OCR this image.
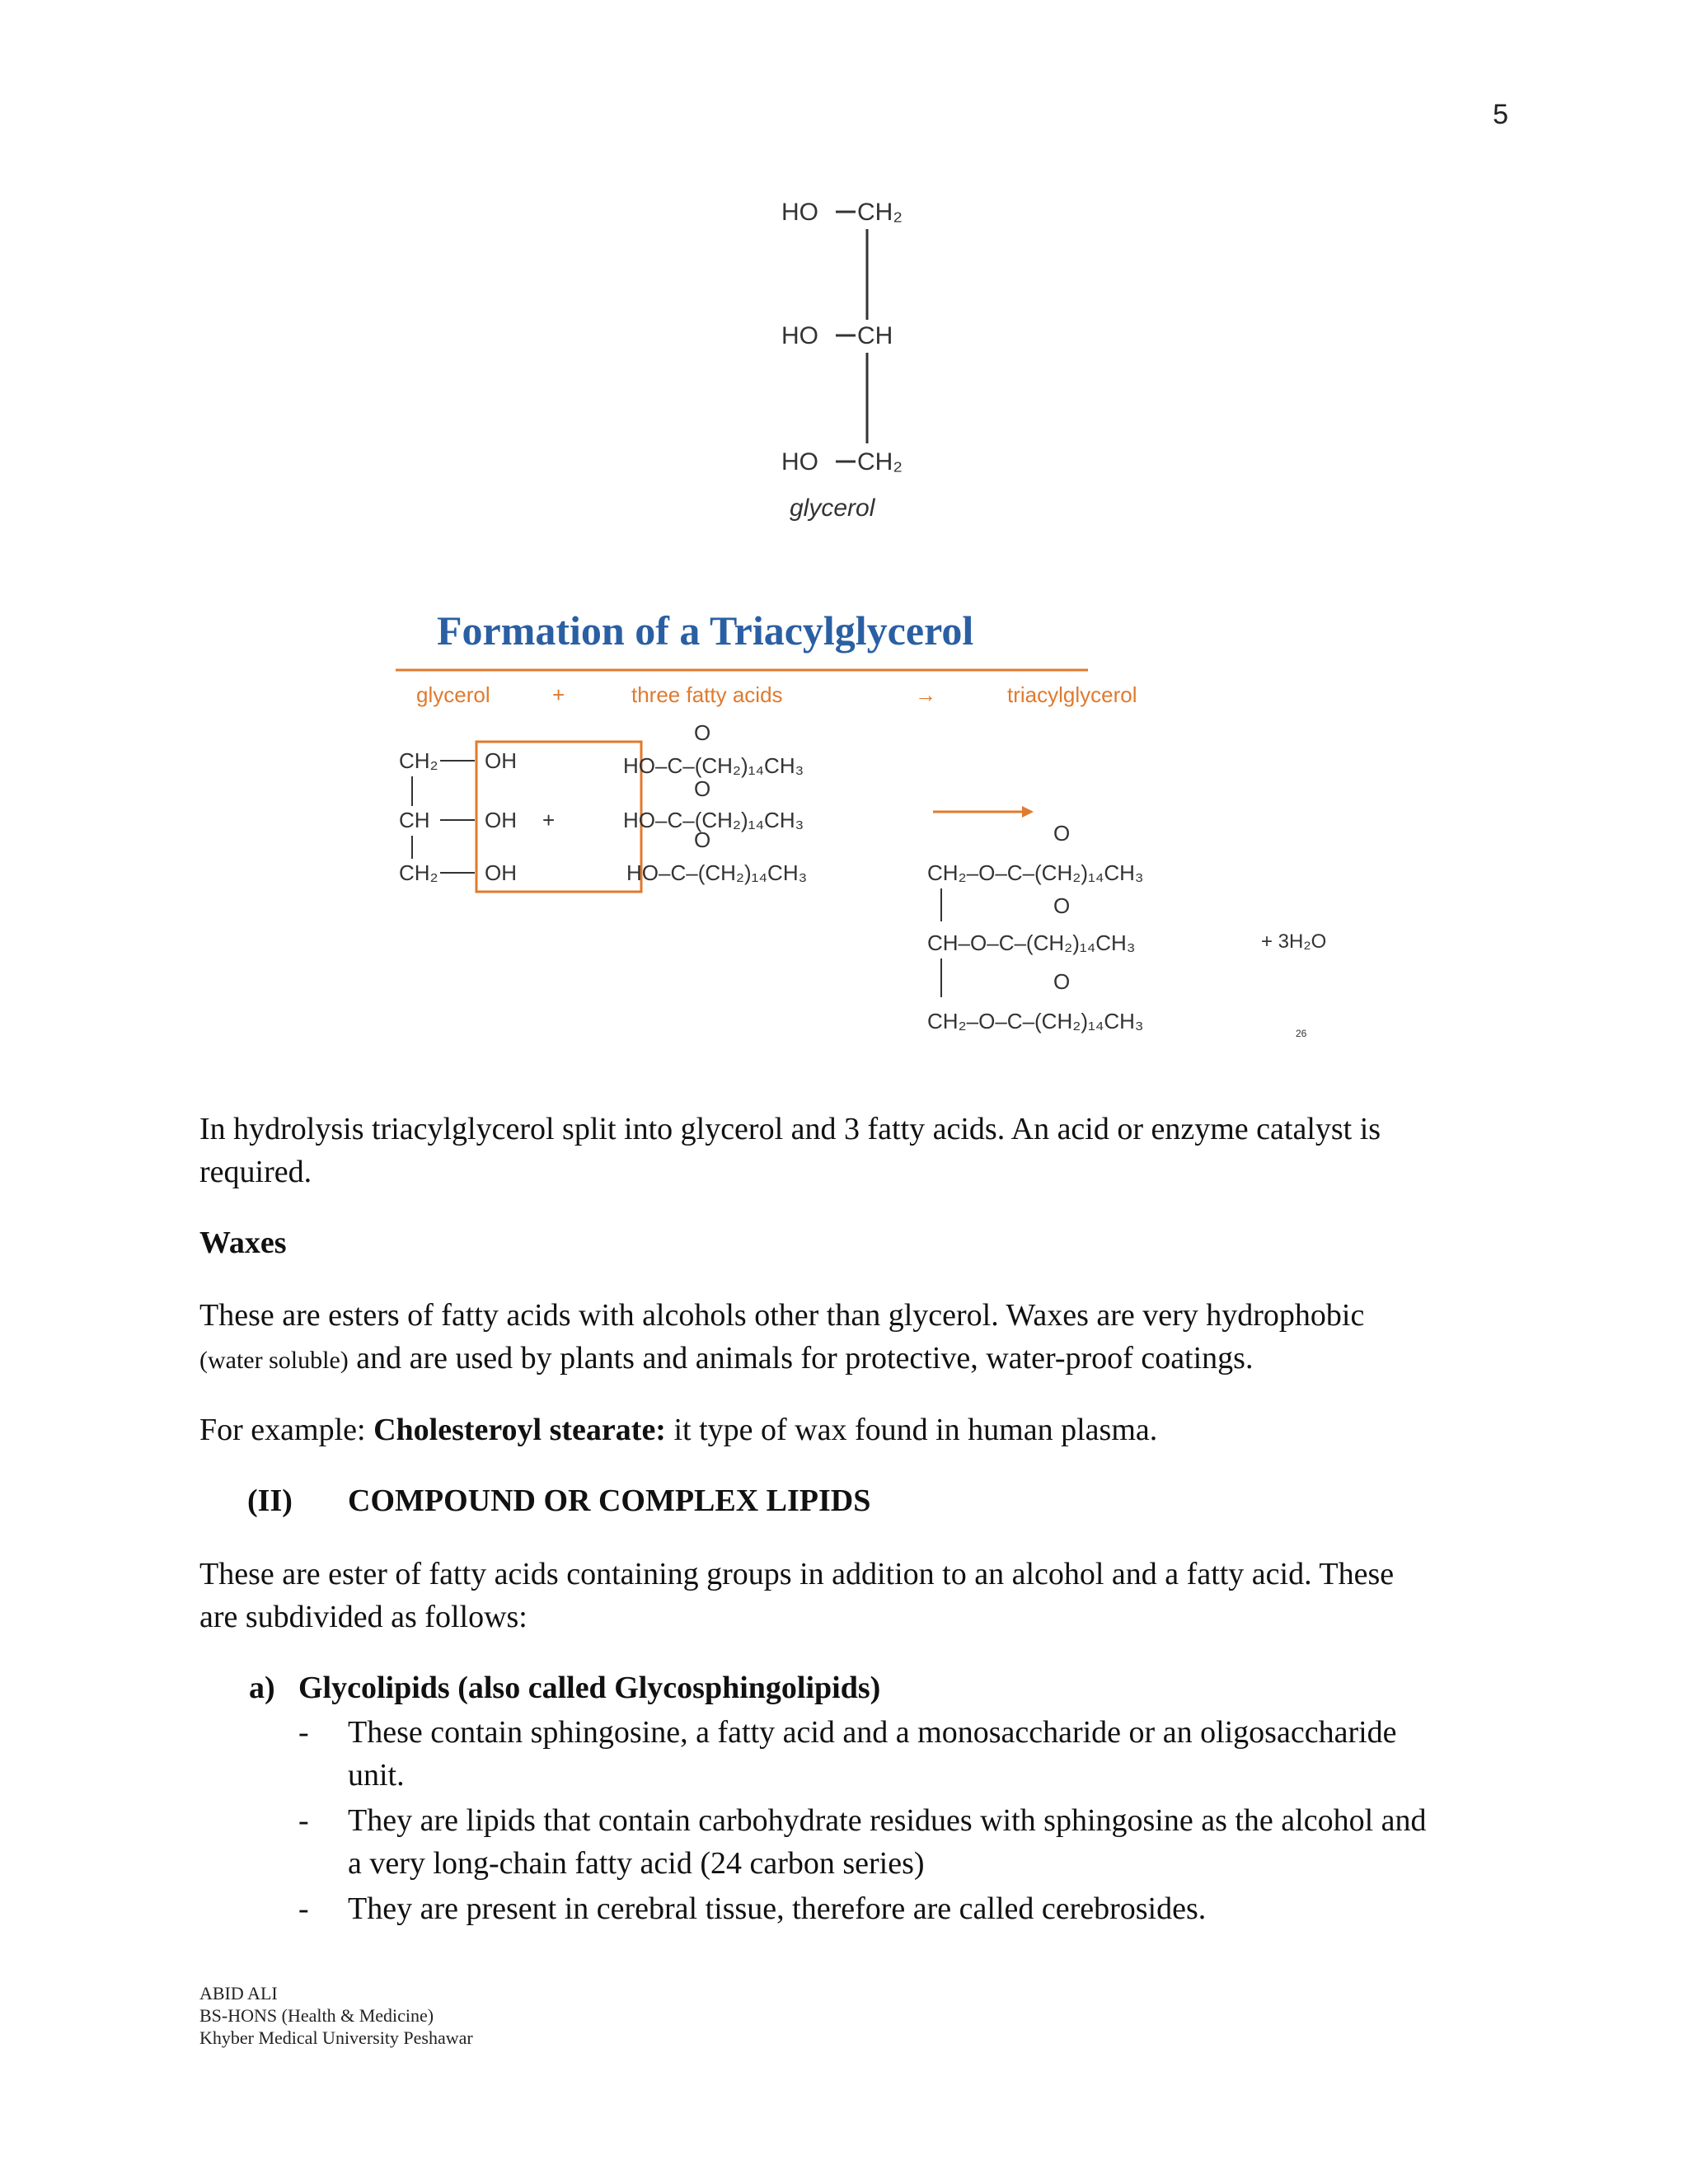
5
HO CH₂
HO CH
HO CH₂
glycerol
Formation of a Triacylglycerol
glycerol	+	three fatty acids	→	triacylglycerol
CH₂
CH
CH₂
OH
OH
OH
+
O
HO–C–(CH₂)₁₄CH₃
O
HO–C–(CH₂)₁₄CH₃
O
HO–C–(CH₂)₁₄CH₃
O
CH₂–O–C–(CH₂)₁₄CH₃
O
CH–O–C–(CH₂)₁₄CH₃	+ 3H₂O
O
CH₂–O–C–(CH₂)₁₄CH₃	26

In hydrolysis triacylglycerol split into glycerol and 3 fatty acids. An acid or enzyme catalyst is

required.

Waxes

These are esters of fatty acids with alcohols other than glycerol. Waxes are very hydrophobic

(water soluble) and are used by plants and animals for protective, water-proof coatings.

For example: Cholesteroyl stearate: it type of wax found in human plasma.

(II) COMPOUND OR COMPLEX LIPIDS

These are ester of fatty acids containing groups in addition to an alcohol and a fatty acid. These

are subdivided as follows:

a) Glycolipids (also called Glycosphingolipids)
- These contain sphingosine, a fatty acid and a monosaccharide or an oligosaccharide
unit.
- They are lipids that contain carbohydrate residues with sphingosine as the alcohol and
a very long-chain fatty acid (24 carbon series)
- They are present in cerebral tissue, therefore are called cerebrosides.
ABID ALI
BS-HONS (Health & Medicine)
Khyber Medical University Peshawar
